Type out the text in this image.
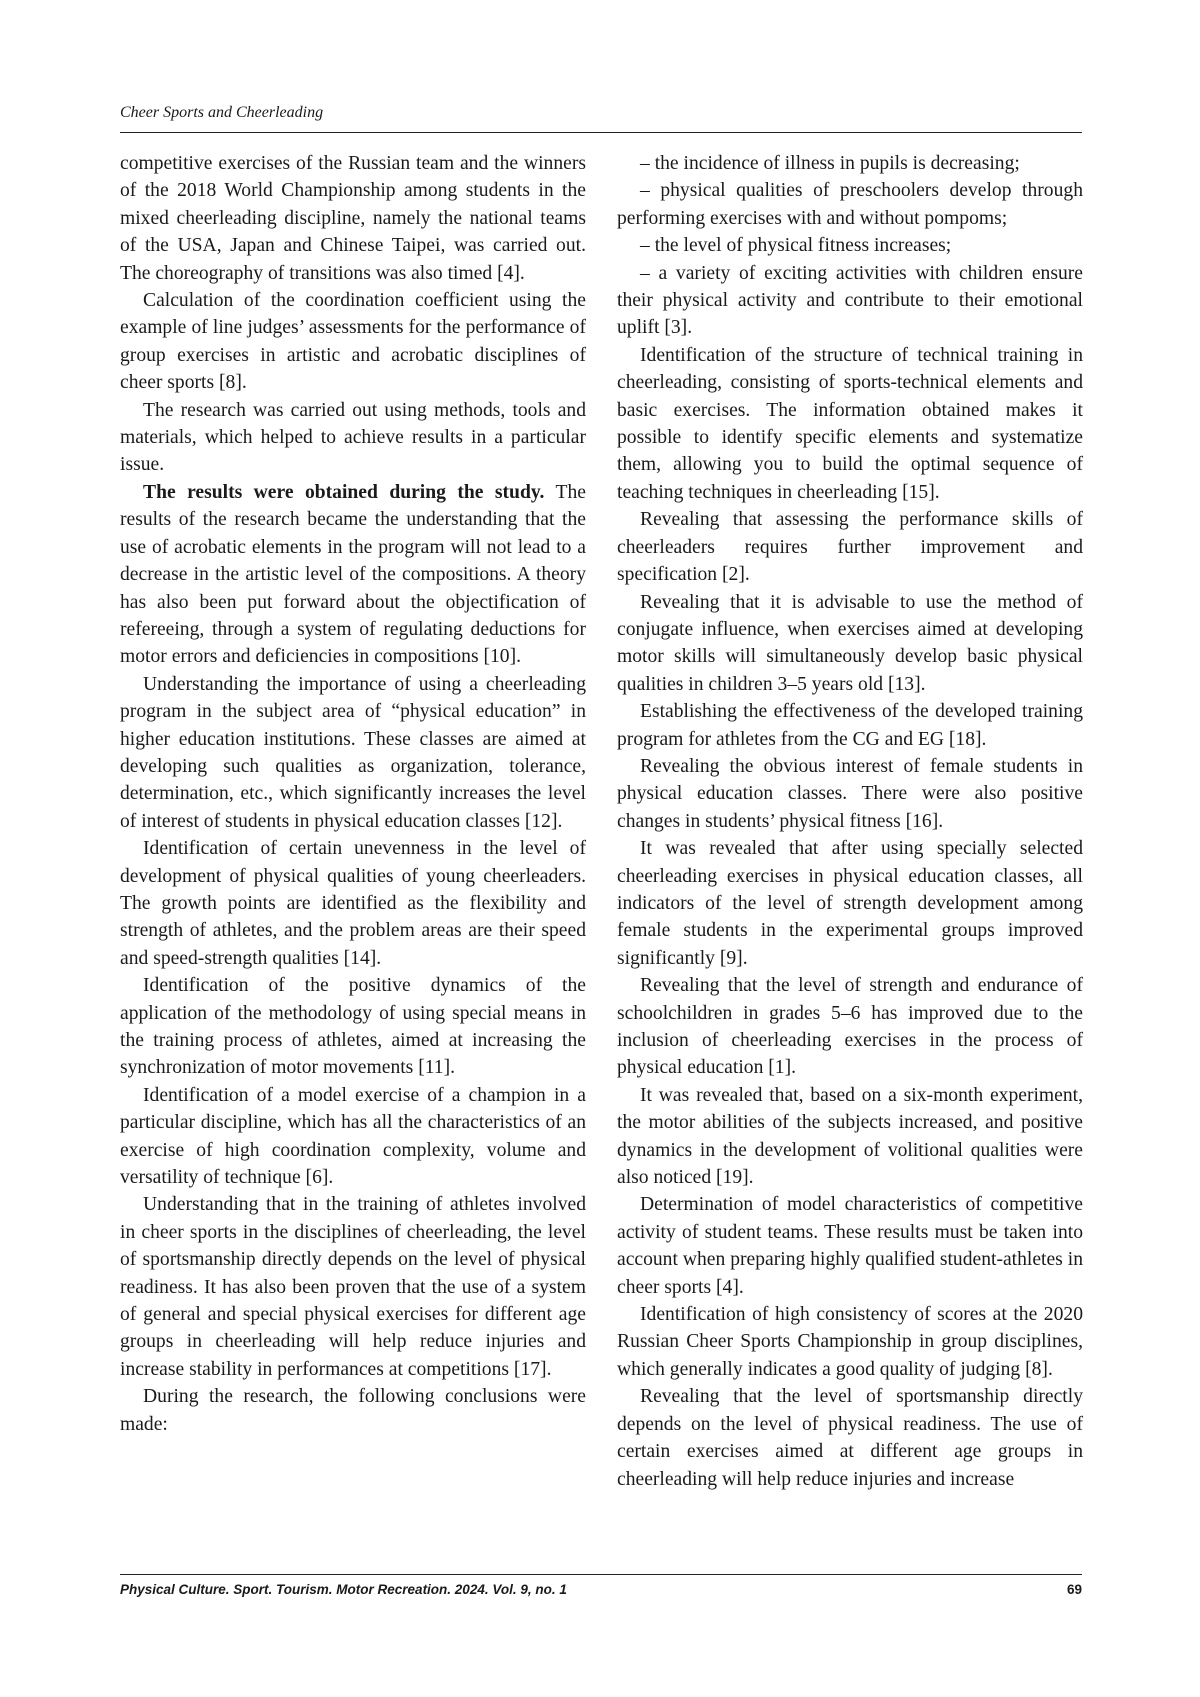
Cheer Sports and Cheerleading

competitive exercises of the Russian team and the winners of the 2018 World Championship among students in the mixed cheerleading discipline, namely the national teams of the USA, Japan and Chinese Taipei, was carried out. The choreography of transitions was also timed [4].

Calculation of the coordination coefficient using the example of line judges’ assessments for the performance of group exercises in artistic and acrobatic disciplines of cheer sports [8].

The research was carried out using methods, tools and materials, which helped to achieve results in a particular issue.

The results were obtained during the study. The results of the research became the understanding that the use of acrobatic elements in the program will not lead to a decrease in the artistic level of the compositions. A theory has also been put forward about the objectification of refereeing, through a system of regulating deductions for motor errors and deficiencies in compositions [10].

Understanding the importance of using a cheerleading program in the subject area of “physical education” in higher education institutions. These classes are aimed at developing such qualities as organization, tolerance, determination, etc., which significantly increases the level of interest of students in physical education classes [12].

Identification of certain unevenness in the level of development of physical qualities of young cheerleaders. The growth points are identified as the flexibility and strength of athletes, and the problem areas are their speed and speed-strength qualities [14].

Identification of the positive dynamics of the application of the methodology of using special means in the training process of athletes, aimed at increasing the synchronization of motor movements [11].

Identification of a model exercise of a champion in a particular discipline, which has all the characteristics of an exercise of high coordination complexity, volume and versatility of technique [6].

Understanding that in the training of athletes involved in cheer sports in the disciplines of cheerleading, the level of sportsmanship directly depends on the level of physical readiness. It has also been proven that the use of a system of general and special physical exercises for different age groups in cheerleading will help reduce injuries and increase stability in performances at competitions [17].

During the research, the following conclusions were made:

– the incidence of illness in pupils is decreasing;

– physical qualities of preschoolers develop through performing exercises with and without pompoms;

– the level of physical fitness increases;

– a variety of exciting activities with children ensure their physical activity and contribute to their emotional uplift [3].

Identification of the structure of technical training in cheerleading, consisting of sports-technical elements and basic exercises. The information obtained makes it possible to identify specific elements and systematize them, allowing you to build the optimal sequence of teaching techniques in cheerleading [15].

Revealing that assessing the performance skills of cheerleaders requires further improvement and specification [2].

Revealing that it is advisable to use the method of conjugate influence, when exercises aimed at developing motor skills will simultaneously develop basic physical qualities in children 3–5 years old [13].

Establishing the effectiveness of the developed training program for athletes from the CG and EG [18].

Revealing the obvious interest of female students in physical education classes. There were also positive changes in students’ physical fitness [16].

It was revealed that after using specially selected cheerleading exercises in physical education classes, all indicators of the level of strength development among female students in the experimental groups improved significantly [9].

Revealing that the level of strength and endurance of schoolchildren in grades 5–6 has improved due to the inclusion of cheerleading exercises in the process of physical education [1].

It was revealed that, based on a six-month experiment, the motor abilities of the subjects increased, and positive dynamics in the development of volitional qualities were also noticed [19].

Determination of model characteristics of competitive activity of student teams. These results must be taken into account when preparing highly qualified student-athletes in cheer sports [4].

Identification of high consistency of scores at the 2020 Russian Cheer Sports Championship in group disciplines, which generally indicates a good quality of judging [8].

Revealing that the level of sportsmanship directly depends on the level of physical readiness. The use of certain exercises aimed at different age groups in cheerleading will help reduce injuries and increase

Physical Culture. Sport. Tourism. Motor Recreation. 2024. Vol. 9, no. 1	69
